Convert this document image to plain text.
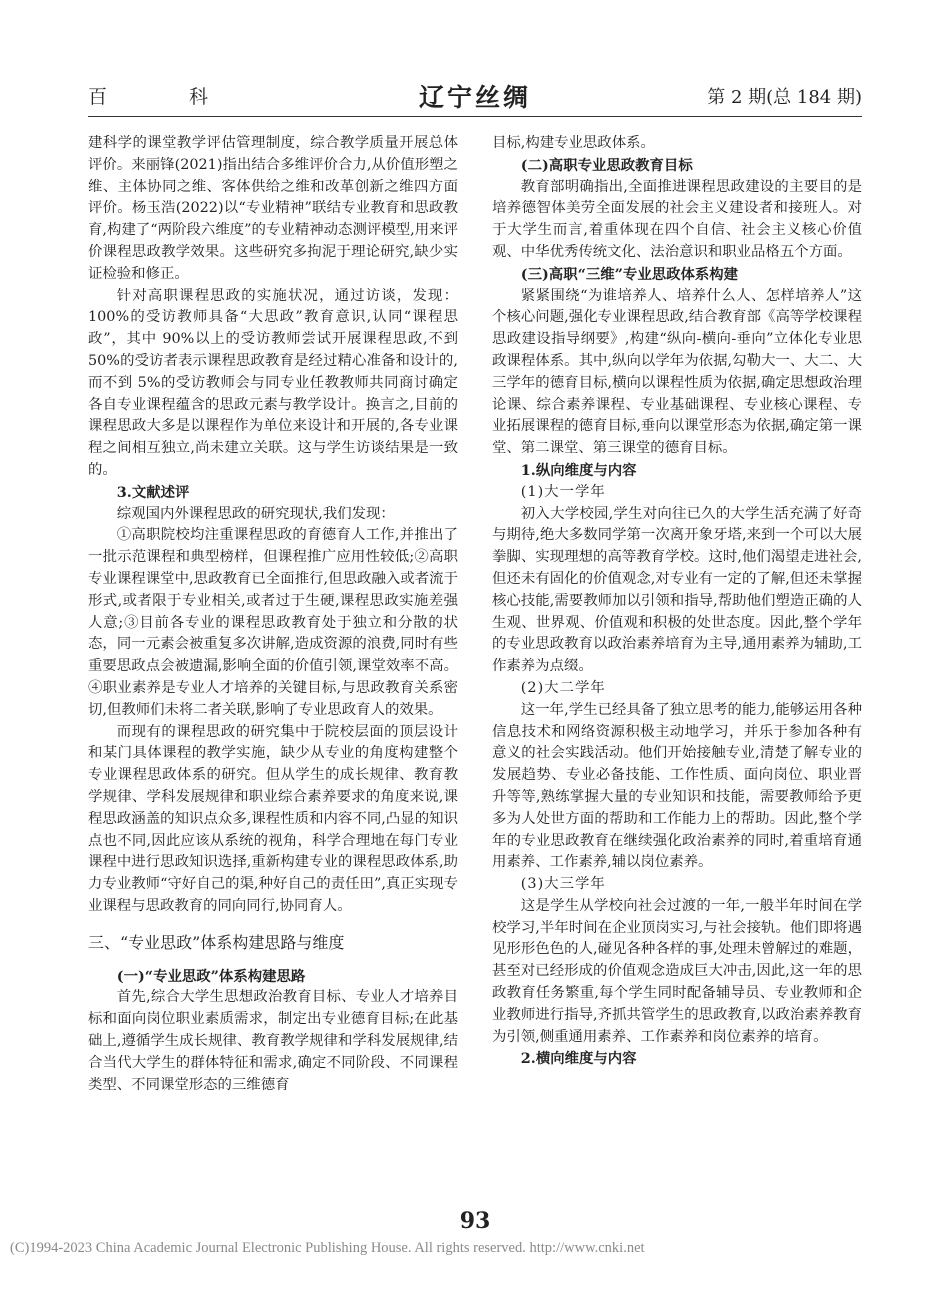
百 科	辽宁丝绸	第 2 期(总 184 期)

建科学的课堂教学评估管理制度，综合教学质量开展总体评价。来丽锋(2021)指出结合多维评价合力,从价值形塑之维、主体协同之维、客体供给之维和改革创新之维四方面评价。杨玉浩(2022)以“专业精神”联结专业教育和思政教育,构建了“两阶段六维度”的专业精神动态测评模型,用来评价课程思政教学效果。这些研究多拘泥于理论研究,缺少实证检验和修正。

针对高职课程思政的实施状况，通过访谈，发现：100%的受访教师具备“大思政”教育意识,认同“课程思政”，其中 90%以上的受访教师尝试开展课程思政,不到 50%的受访者表示课程思政教育是经过精心准备和设计的,而不到 5%的受访教师会与同专业任教教师共同商讨确定各自专业课程蕴含的思政元素与教学设计。换言之,目前的课程思政大多是以课程作为单位来设计和开展的,各专业课程之间相互独立,尚未建立关联。这与学生访谈结果是一致的。

3.文献述评

综观国内外课程思政的研究现状,我们发现：

①高职院校均注重课程思政的育德育人工作,并推出了一批示范课程和典型榜样，但课程推广应用性较低;②高职专业课程课堂中,思政教育已全面推行,但思政融入或者流于形式,或者限于专业相关,或者过于生硬,课程思政实施差强人意;③目前各专业的课程思政教育处于独立和分散的状态，同一元素会被重复多次讲解,造成资源的浪费,同时有些重要思政点会被遗漏,影响全面的价值引领,课堂效率不高。④职业素养是专业人才培养的关键目标,与思政教育关系密切,但教师们未将二者关联,影响了专业思政育人的效果。

而现有的课程思政的研究集中于院校层面的顶层设计和某门具体课程的教学实施，缺少从专业的角度构建整个专业课程思政体系的研究。但从学生的成长规律、教育教学规律、学科发展规律和职业综合素养要求的角度来说,课程思政涵盖的知识点众多,课程性质和内容不同,凸显的知识点也不同,因此应该从系统的视角，科学合理地在每门专业课程中进行思政知识选择,重新构建专业的课程思政体系,助力专业教师“守好自己的渠,种好自己的责任田”,真正实现专业课程与思政教育的同向同行,协同育人。

三、“专业思政”体系构建思路与维度
(一)“专业思政”体系构建思路

首先,综合大学生思想政治教育目标、专业人才培养目标和面向岗位职业素质需求，制定出专业德育目标;在此基础上,遵循学生成长规律、教育教学规律和学科发展规律,结合当代大学生的群体特征和需求,确定不同阶段、不同课程类型、不同课堂形态的三维德育

目标,构建专业思政体系。

(二)高职专业思政教育目标

教育部明确指出,全面推进课程思政建设的主要目的是培养德智体美劳全面发展的社会主义建设者和接班人。对于大学生而言,着重体现在四个自信、社会主义核心价值观、中华优秀传统文化、法治意识和职业品格五个方面。

(三)高职“三维”专业思政体系构建

紧紧围绕“为谁培养人、培养什么人、怎样培养人”这个核心问题,强化专业课程思政,结合教育部《高等学校课程思政建设指导纲要》,构建“纵向-横向-垂向”立体化专业思政课程体系。其中,纵向以学年为依据,勾勒大一、大二、大三学年的德育目标,横向以课程性质为依据,确定思想政治理论课、综合素养课程、专业基础课程、专业核心课程、专业拓展课程的德育目标,垂向以课堂形态为依据,确定第一课堂、第二课堂、第三课堂的德育目标。

1.纵向维度与内容
(1)大一学年

初入大学校园,学生对向往已久的大学生活充满了好奇与期待,绝大多数同学第一次离开象牙塔,来到一个可以大展拳脚、实现理想的高等教育学校。这时,他们渴望走进社会,但还未有固化的价值观念,对专业有一定的了解,但还未掌握核心技能,需要教师加以引领和指导,帮助他们塑造正确的人生观、世界观、价值观和积极的处世态度。因此,整个学年的专业思政教育以政治素养培育为主导,通用素养为辅助,工作素养为点缀。

(2)大二学年

这一年,学生已经具备了独立思考的能力,能够运用各种信息技术和网络资源积极主动地学习，并乐于参加各种有意义的社会实践活动。他们开始接触专业,清楚了解专业的发展趋势、专业必备技能、工作性质、面向岗位、职业晋升等等,熟练掌握大量的专业知识和技能，需要教师给予更多为人处世方面的帮助和工作能力上的帮助。因此,整个学年的专业思政教育在继续强化政治素养的同时,着重培育通用素养、工作素养,辅以岗位素养。

(3)大三学年

这是学生从学校向社会过渡的一年,一般半年时间在学校学习,半年时间在企业顶岗实习,与社会接轨。他们即将遇见形形色色的人,碰见各种各样的事,处理未曾解过的难题，甚至对已经形成的价值观念造成巨大冲击,因此,这一年的思政教育任务繁重,每个学生同时配备辅导员、专业教师和企业教师进行指导,齐抓共管学生的思政教育,以政治素养教育为引领,侧重通用素养、工作素养和岗位素养的培育。

2.横向维度与内容
93
(C)1994-2023 China Academic Journal Electronic Publishing House. All rights reserved. http://www.cnki.net
